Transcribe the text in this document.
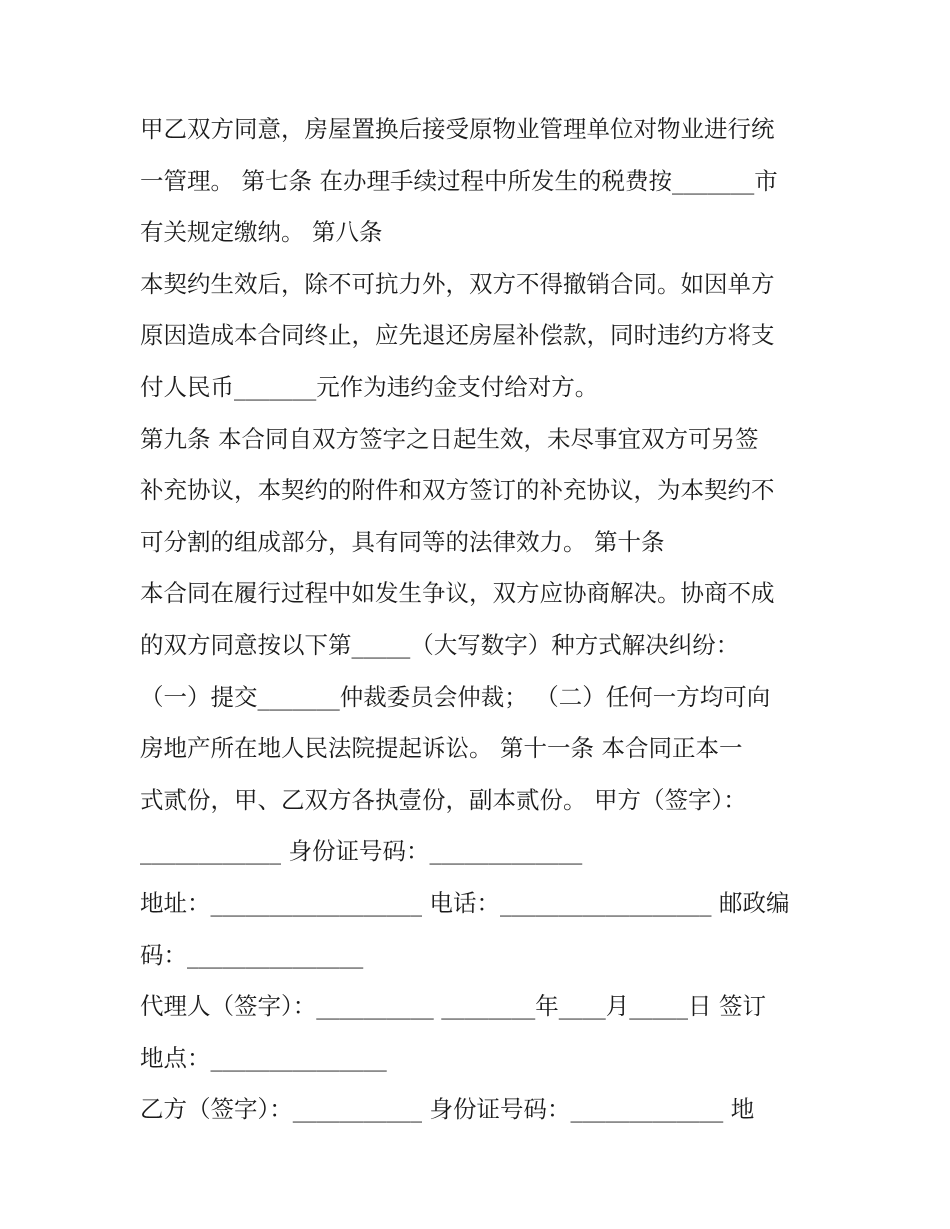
甲乙双方同意，房屋置换后接受原物业管理单位对物业进行统
一管理。 第七条 在办理手续过程中所发生的税费按_______市
有关规定缴纳。 第八条
本契约生效后，除不可抗力外，双方不得撤销合同。如因单方
原因造成本合同终止，应先退还房屋补偿款，同时违约方将支
付人民币_______元作为违约金支付给对方。
第九条 本合同自双方签字之日起生效，未尽事宜双方可另签
补充协议，本契约的附件和双方签订的补充协议，为本契约不
可分割的组成部分，具有同等的法律效力。 第十条
本合同在履行过程中如发生争议，双方应协商解决。协商不成
的双方同意按以下第_____（大写数字）种方式解决纠纷：
（一）提交_______仲裁委员会仲裁； （二）任何一方均可向
房地产所在地人民法院提起诉讼。 第十一条 本合同正本一
式贰份，甲、乙双方各执壹份，副本贰份。 甲方（签字）：
____________ 身份证号码：_____________
地址：__________________ 电话：__________________ 邮政编
码：_______________
代理人（签字）：__________ ________年____月_____日 签订
地点：_______________
乙方（签字）：___________ 身份证号码：_____________ 地
